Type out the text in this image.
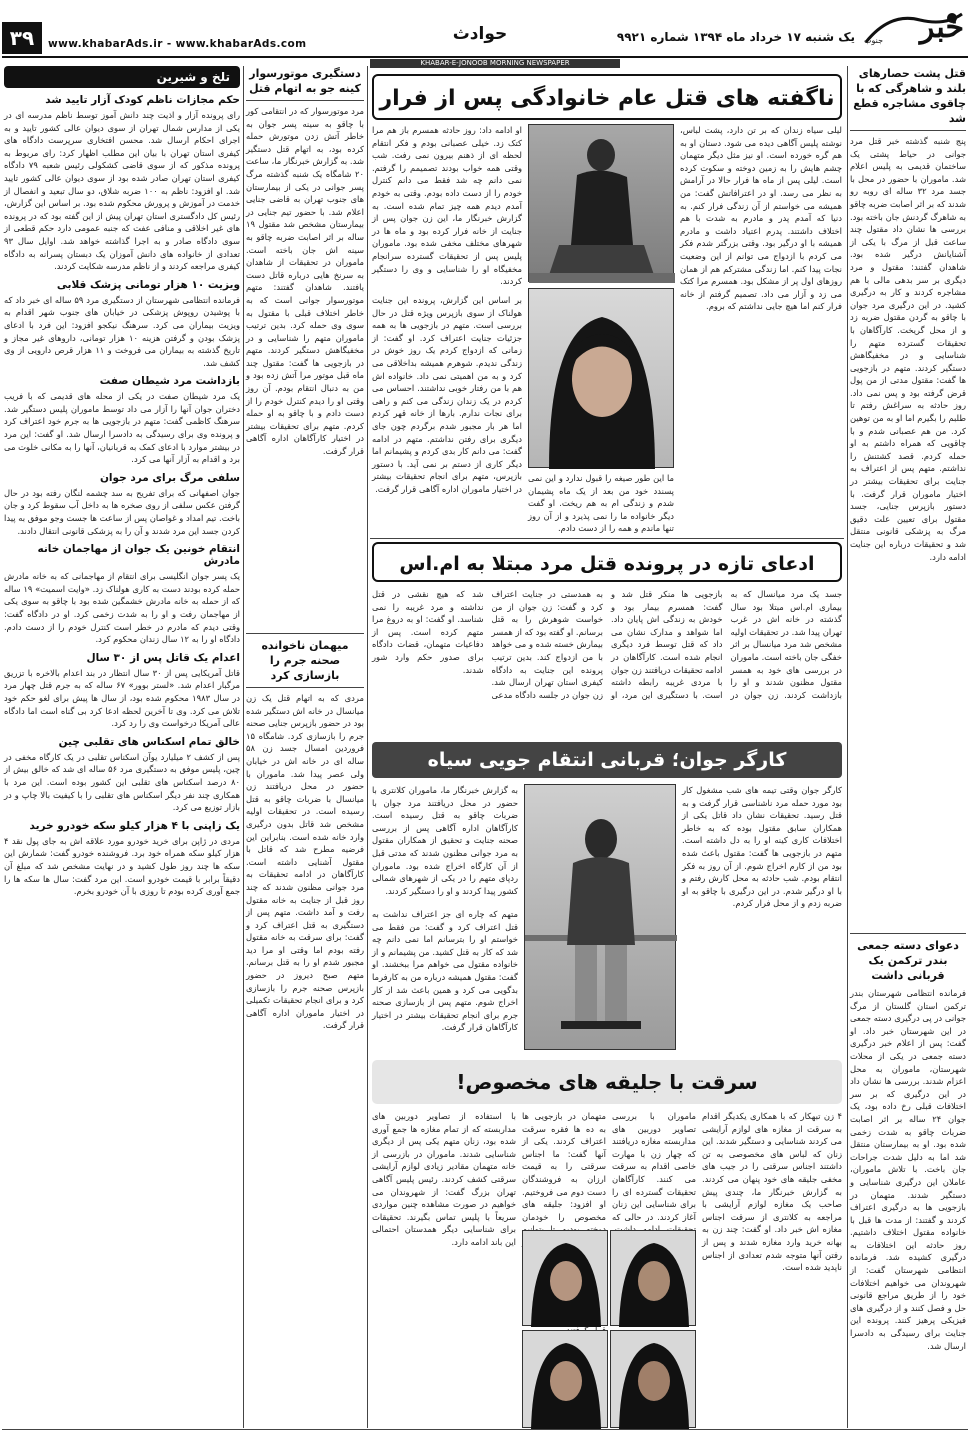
خبر
جنوب
یک شنبه ۱۷ خرداد ماه ۱۳۹۴ شماره ۹۹۲۱
حوادث
www.khabarAds.ir - www.khabarAds.com
۳۹
KHABAR-E-JONOOB MORNING NEWSPAPER
تلخ و شیرین
حکم مجازات ناظم کودک آزار تایید شد
رای پرونده آزار و اذیت چند دانش آموز توسط ناظم مدرسه ای در یکی از مدارس شمال تهران از سوی دیوان عالی کشور تایید و به اجرای احکام ارسال شد. محسن افتخاری سرپرست دادگاه های کیفری استان تهران با بیان این مطلب اظهار کرد: رای مربوط به پرونده مذکور که از سوی قاضی کشکولی رئیس شعبه ۷۹ دادگاه کیفری استان تهران صادر شده بود از سوی دیوان عالی کشور تایید شد. او افزود: ناظم به ۱۰۰ ضربه شلاق، دو سال تبعید و انفصال از خدمت در آموزش و پرورش محکوم شده بود. بر اساس این گزارش، رئیس کل دادگستری استان تهران پیش از این گفته بود که در پرونده های غیر اخلاقی و منافی عفت که جنبه عمومی دارد حکم قطعی از سوی دادگاه صادر و به اجرا گذاشته خواهد شد. اوایل سال ۹۳ تعدادی از خانواده های دانش آموزان یک دبستان پسرانه به دادگاه کیفری مراجعه کردند و از ناظم مدرسه شکایت کردند.
ویزیت ۱۰ هزار تومانی پزشک قلابی
فرمانده انتظامی شهرستان از دستگیری مرد ۵۹ ساله ای خبر داد که با پوشیدن روپوش پزشکی در خیابان های جنوب شهر اقدام به ویزیت بیماران می کرد. سرهنگ نیکجو افزود: این فرد با ادعای پزشک بودن و گرفتن هزینه ۱۰ هزار تومانی، داروهای غیر مجاز و تاریخ گذشته به بیماران می فروخت و ۱۱ هزار قرص دارویی از وی کشف شد.
بازداشت مرد شیطان صفت
یک مرد شیطان صفت در یکی از محله های قدیمی که با فریب دختران جوان آنها را آزار می داد توسط ماموران پلیس دستگیر شد. سرهنگ کاظمی گفت: متهم در بازجویی ها به جرم خود اعتراف کرد و پرونده وی برای رسیدگی به دادسرا ارسال شد. او گفت: این مرد در بیشتر موارد با ادعای کمک به قربانیان، آنها را به مکانی خلوت می برد و اقدام به آزار آنها می کرد.
سلفی مرگ برای مرد جوان
جوان اصفهانی که برای تفریح به سد چشمه لنگان رفته بود در حال گرفتن عکس سلفی از روی صخره ها به داخل آب سقوط کرد و جان باخت. تیم امداد و غواصان پس از ساعت ها جست وجو موفق به پیدا کردن جسد این مرد شدند و آن را به پزشکی قانونی انتقال دادند.
انتقام خونین یک جوان از مهاجمان خانه مادرش
یک پسر جوان انگلیسی برای انتقام از مهاجمانی که به خانه مادرش حمله کرده بودند دست به کاری هولناک زد. «وایت اسمیت» ۱۹ ساله که از حمله به خانه مادرش خشمگین شده بود با چاقو به سوی یکی از مهاجمان رفت و او را به شدت زخمی کرد. او در دادگاه گفت: وقتی دیدم که مادرم در خطر است کنترل خودم را از دست دادم. دادگاه او را به ۱۲ سال زندان محکوم کرد.
اعدام یک قاتل پس از ۳۰ سال
قاتل آمریکایی پس از ۳۰ سال انتظار در بند اعدام بالاخره با تزریق مرگبار اعدام شد. «لستر بوور» ۶۷ ساله که به جرم قتل چهار مرد در سال ۱۹۸۳ محکوم شده بود، از سال ها پیش برای لغو حکم خود تلاش می کرد. وی تا آخرین لحظه ادعا کرد بی گناه است اما دادگاه عالی آمریکا درخواست وی را رد کرد.
خالق تمام اسکناس های تقلبی چین
پس از کشف ۲ میلیارد یوآن اسکناس تقلبی در یک کارگاه مخفی در چین، پلیس موفق به دستگیری مرد ۵۶ ساله ای شد که خالق بیش از ۸۰ درصد اسکناس های تقلبی این کشور بوده است. این مرد با همکاری چند نفر دیگر اسکناس های تقلبی را با کیفیت بالا چاپ و در بازار توزیع می کرد.
یک زاپنی با ۴ هزار کیلو سکه خودرو خرید
مردی در ژاپن برای خرید خودرو مورد علاقه اش به جای پول نقد ۴ هزار کیلو سکه همراه خود برد. فروشنده خودرو گفت: شمارش این سکه ها چند روز طول کشید و در نهایت مشخص شد که مبلغ آن دقیقاً برابر با قیمت خودرو است. این مرد گفت: سال ها سکه ها را جمع آوری کرده بودم تا روزی با آن خودرو بخرم.
دستگیری موتورسوار کینه جو به اتهام قتل
مرد موتورسوار که در انتقامی کور با چاقو به سینه پسر جوان به خاطر آتش زدن موتورش حمله کرده بود، به اتهام قتل دستگیر شد. به گزارش خبرنگار ما، ساعت ۲۰ شامگاه یک شنبه گذشته مرگ پسر جوانی در یکی از بیمارستان های جنوب تهران به قاضی جنایی اعلام شد. با حضور تیم جنایی در بیمارستان مشخص شد مقتول ۱۹ ساله بر اثر اصابت ضربه چاقو به سینه اش جان باخته است. ماموران در تحقیقات از شاهدان به سرنخ هایی درباره قاتل دست یافتند. شاهدان گفتند: متهم موتورسوار جوانی است که به خاطر اختلاف قبلی با مقتول به سوی وی حمله کرد. بدین ترتیب ماموران متهم را شناسایی و در مخفیگاهش دستگیر کردند. متهم در بازجویی ها گفت: مقتول چند ماه قبل موتور مرا آتش زده بود و من به دنبال انتقام بودم. آن روز وقتی او را دیدم کنترل خودم را از دست دادم و با چاقو به او حمله کردم. متهم برای تحقیقات بیشتر در اختیار کارآگاهان اداره آگاهی قرار گرفت.
میهمان ناخوانده صحنه جرم را بازسازی کرد
مردی که به اتهام قتل یک زن میانسال در خانه اش دستگیر شده بود در حضور بازپرس جنایی صحنه جرم را بازسازی کرد. شامگاه ۱۵ فروردین امسال جسد زن ۵۸ ساله ای در خانه اش در خیابان ولی عصر پیدا شد. ماموران با حضور در محل دریافتند زن میانسال با ضربات چاقو به قتل رسیده است. در تحقیقات اولیه مشخص شد قاتل بدون درگیری وارد خانه شده است. بنابراین این فرضیه مطرح شد که قاتل با مقتول آشنایی داشته است. کارآگاهان در ادامه تحقیقات به مرد جوانی مظنون شدند که چند روز قبل از جنایت به خانه مقتول رفت و آمد داشت. متهم پس از دستگیری به قتل اعتراف کرد و گفت: برای سرقت به خانه مقتول رفته بودم اما وقتی او مرا دید مجبور شدم او را به قتل برسانم. متهم صبح دیروز در حضور بازپرس صحنه جرم را بازسازی کرد و برای انجام تحقیقات تکمیلی در اختیار ماموران اداره آگاهی قرار گرفت.
ناگفته های قتل عام خانوادگی پس از فرار
لیلی سیاه زندان که بر تن دارد، پشت لباس، نوشته پلیس آگاهی دیده می شود. دستان او به هم گره خورده است. او نیز مثل دیگر متهمان چشم هایش را به زمین دوخته و سکوت کرده است. لیلی پس از ماه ها فرار حالا در آرامش به نظر می رسد. او در اعترافاتش گفت: من همیشه می خواستم از آن زندگی فرار کنم. به دنیا که آمدم پدر و مادرم به شدت با هم اختلاف داشتند. پدرم اعتیاد داشت و مادرم همیشه با او درگیر بود. وقتی بزرگتر شدم فکر می کردم با ازدواج می توانم از این وضعیت نجات پیدا کنم. اما زندگی مشترکم هم از همان روزهای اول پر از مشکل بود. همسرم مرا کتک می زد و آزار می داد. تصمیم گرفتم از خانه فرار کنم اما هیچ جایی نداشتم که بروم.
او ادامه داد: روز حادثه همسرم باز هم مرا کتک زد. خیلی عصبانی بودم و فکر انتقام لحظه ای از ذهنم بیرون نمی رفت. شب وقتی همه خواب بودند تصمیمم را گرفتم. نمی دانم چه شد فقط می دانم کنترل خودم را از دست داده بودم. وقتی به خودم آمدم دیدم همه چیز تمام شده است. به گزارش خبرنگار ما، این زن جوان پس از جنایت از خانه فرار کرده بود و ماه ها در شهرهای مختلف مخفی شده بود. ماموران پلیس پس از تحقیقات گسترده سرانجام مخفیگاه او را شناسایی و وی را دستگیر کردند.
بر اساس این گزارش، پرونده این جنایت هولناک از سوی بازپرس ویژه قتل در حال بررسی است. متهم در بازجویی ها به همه جزئیات جنایت اعتراف کرد. او گفت: از زمانی که ازدواج کردم یک روز خوش در زندگی ندیدم. شوهرم همیشه بداخلاقی می کرد و به من اهمیتی نمی داد. خانواده اش هم با من رفتار خوبی نداشتند. احساس می کردم در یک زندان زندگی می کنم و راهی برای نجات ندارم. بارها از خانه قهر کردم اما هر بار مجبور شدم برگردم چون جای دیگری برای رفتن نداشتم. متهم در ادامه گفت: می دانم کار بدی کردم و پشیمانم اما دیگر کاری از دستم بر نمی آید. با دستور بازپرس، متهم برای انجام تحقیقات بیشتر در اختیار ماموران اداره آگاهی قرار گرفت.
ما این طور صیغه را قبول ندارد و این نمی پسندد خود من بعد از یک ماه پشیمان شدم و زندگی ام به هم ریخت. او گفت دیگر خانواده ما را نمی پذیرد و از آن روز تنها ماندم و همه را از دست دادم.
ادعای تازه در پرونده قتل مرد مبتلا به ام.اس
جسد یک مرد میانسال که به بیماری ام.اس مبتلا بود سال گذشته در خانه اش در غرب تهران پیدا شد. در تحقیقات اولیه مشخص شد مرد میانسال بر اثر خفگی جان باخته است. ماموران در بررسی های خود به همسر مقتول مظنون شدند و او را بازداشت کردند. زن جوان در بازجویی ها منکر قتل شد و گفت: همسرم بیمار بود و خودش به زندگی اش پایان داد. اما شواهد و مدارک نشان می داد که قتل توسط فرد دیگری انجام شده است. کارآگاهان در ادامه تحقیقات دریافتند زن جوان با مردی غریبه رابطه داشته است. با دستگیری این مرد، او به همدستی در جنایت اعتراف کرد و گفت: زن جوان از من خواست شوهرش را به قتل برسانم. او گفته بود که از همسر بیمارش خسته شده و می خواهد با من ازدواج کند. بدین ترتیب پرونده این جنایت به دادگاه کیفری استان تهران ارسال شد. زن جوان در جلسه دادگاه مدعی شد که هیچ نقشی در قتل نداشته و مرد غریبه را نمی شناسد. او گفت: او به دروغ مرا متهم کرده است. پس از دفاعیات متهمان، قضات دادگاه برای صدور حکم وارد شور شدند.
کارگر جوان؛ قربانی انتقام جویی سیاه
کارگر جوان وقتی تیمه های شب مشغول کار بود مورد حمله مرد ناشناسی قرار گرفت و به قتل رسید. تحقیقات نشان داد قاتل یکی از همکاران سابق مقتول بوده که به خاطر اختلافات کاری کینه او را به دل داشته است. متهم در بازجویی ها گفت: مقتول باعث شده بود من از کارم اخراج شوم. از آن روز به فکر انتقام بودم. شب حادثه به محل کارش رفتم و با او درگیر شدم. در این درگیری با چاقو به او ضربه زدم و از محل فرار کردم.
به گزارش خبرنگار ما، ماموران کلانتری با حضور در محل دریافتند مرد جوان با ضربات چاقو به قتل رسیده است. کارآگاهان اداره آگاهی پس از بررسی صحنه جنایت و تحقیق از همکاران مقتول به مرد جوانی مظنون شدند که مدتی قبل از آن کارگاه اخراج شده بود. ماموران ردپای متهم را در یکی از شهرهای شمالی کشور پیدا کردند و او را دستگیر کردند.
متهم که چاره ای جز اعتراف نداشت به قتل اعتراف کرد و گفت: من فقط می خواستم او را بترسانم اما نمی دانم چه شد که کار به قتل کشید. من پشیمانم و از خانواده مقتول می خواهم مرا ببخشند. او گفت: مقتول همیشه درباره من به کارفرما بدگویی می کرد و همین باعث شد از کار اخراج شوم. متهم پس از بازسازی صحنه جرم برای انجام تحقیقات بیشتر در اختیار کارآگاهان قرار گرفت.
سرقت با جلیقه های مخصوص!
۴ زن تبهکار که با همکاری یکدیگر اقدام به سرقت از مغازه های لوازم آرایشی می کردند شناسایی و دستگیر شدند. این زنان که لباس های مخصوصی به تن داشتند اجناس سرقتی را در جیب های مخفی جلیقه های خود پنهان می کردند. به گزارش خبرنگار ما، چندی پیش صاحب یک مغازه لوازم آرایشی با مراجعه به کلانتری از سرقت اجناس مغازه اش خبر داد. او گفت: چند زن به بهانه خرید وارد مغازه شدند و پس از رفتن آنها متوجه شدم تعدادی از اجناس ناپدید شده است.
ماموران با بررسی تصاویر دوربین های مداربسته مغازه دریافتند که چهار زن با مهارت خاصی اقدام به سرقت می کنند. کارآگاهان تحقیقات گسترده ای را برای شناسایی این زنان آغاز کردند. در حالی که
متهمان در بازجویی ها به ده ها فقره سرقت اعتراف کردند. یکی از آنها گفت: ما اجناس سرقتی را به قیمت ارزان به فروشندگان دست دوم می فروختیم. او افزود: جلیقه های مخصوص را خودمان
با استفاده از تصاویر دوربین های مداربسته که از تمام مغازه ها جمع آوری شده بود، زنان متهم یکی پس از دیگری شناسایی شدند. ماموران در بازرسی از خانه متهمان مقادیر زیادی لوازم آرایشی سرقتی کشف کردند. رئیس پلیس آگاهی تهران بزرگ گفت: از شهروندان می خواهیم در صورت مشاهده چنین مواردی سریعاً با پلیس تماس بگیرند. تحقیقات برای شناسایی دیگر همدستان احتمالی این باند ادامه دارد.
قتل پشت حصارهای بلند و شاهرگی که با چاقوی مشاجره قطع شد
پنج شنبه گذشته خبر قتل مرد جوانی در حیاط پشتی یک ساختمان قدیمی به پلیس اعلام شد. ماموران با حضور در محل با جسد مرد ۳۲ ساله ای روبه رو شدند که بر اثر اصابت ضربه چاقو به شاهرگ گردنش جان باخته بود. بررسی ها نشان داد مقتول چند ساعت قبل از مرگ با یکی از آشنایانش درگیر شده بود. شاهدان گفتند: مقتول و مرد دیگری بر سر بدهی مالی با هم مشاجره کردند و کار به درگیری کشید. در این درگیری مرد جوان با چاقو به گردن مقتول ضربه زد و از محل گریخت. کارآگاهان با تحقیقات گسترده متهم را شناسایی و در مخفیگاهش دستگیر کردند. متهم در بازجویی ها گفت: مقتول مدتی از من پول قرض گرفته بود و پس نمی داد. روز حادثه به سراغش رفتم تا طلبم را بگیرم اما او به من توهین کرد. من هم عصبانی شدم و با چاقویی که همراه داشتم به او حمله کردم. قصد کشتنش را نداشتم. متهم پس از اعتراف به جنایت برای تحقیقات بیشتر در اختیار ماموران قرار گرفت. با دستور بازپرس جنایی، جسد مقتول برای تعیین علت دقیق مرگ به پزشکی قانونی منتقل شد و تحقیقات درباره این جنایت ادامه دارد.
دعوای دسته جمعی بندر ترکمن یک قربانی داشت
فرمانده انتظامی شهرستان بندر ترکمن استان گلستان از مرگ جوانی در پی درگیری دسته جمعی در این شهرستان خبر داد. او گفت: پس از اعلام خبر درگیری دسته جمعی در یکی از محلات شهرستان، ماموران به محل اعزام شدند. بررسی ها نشان داد در این درگیری که بر سر اختلافات قبلی رخ داده بود، یک جوان ۲۴ ساله بر اثر اصابت ضربات چاقو به شدت زخمی شده بود. او به بیمارستان منتقل شد اما به دلیل شدت جراحات جان باخت. با تلاش ماموران، عاملان این درگیری شناسایی و دستگیر شدند. متهمان در بازجویی ها به درگیری اعتراف کردند و گفتند: از مدت ها قبل با خانواده مقتول اختلاف داشتیم. روز حادثه این اختلافات به درگیری کشیده شد. فرمانده انتظامی شهرستان گفت: از شهروندان می خواهیم اختلافات خود را از طریق مراجع قانونی حل و فصل کنند و از درگیری های فیزیکی پرهیز کنند. پرونده این جنایت برای رسیدگی به دادسرا ارسال شد.
